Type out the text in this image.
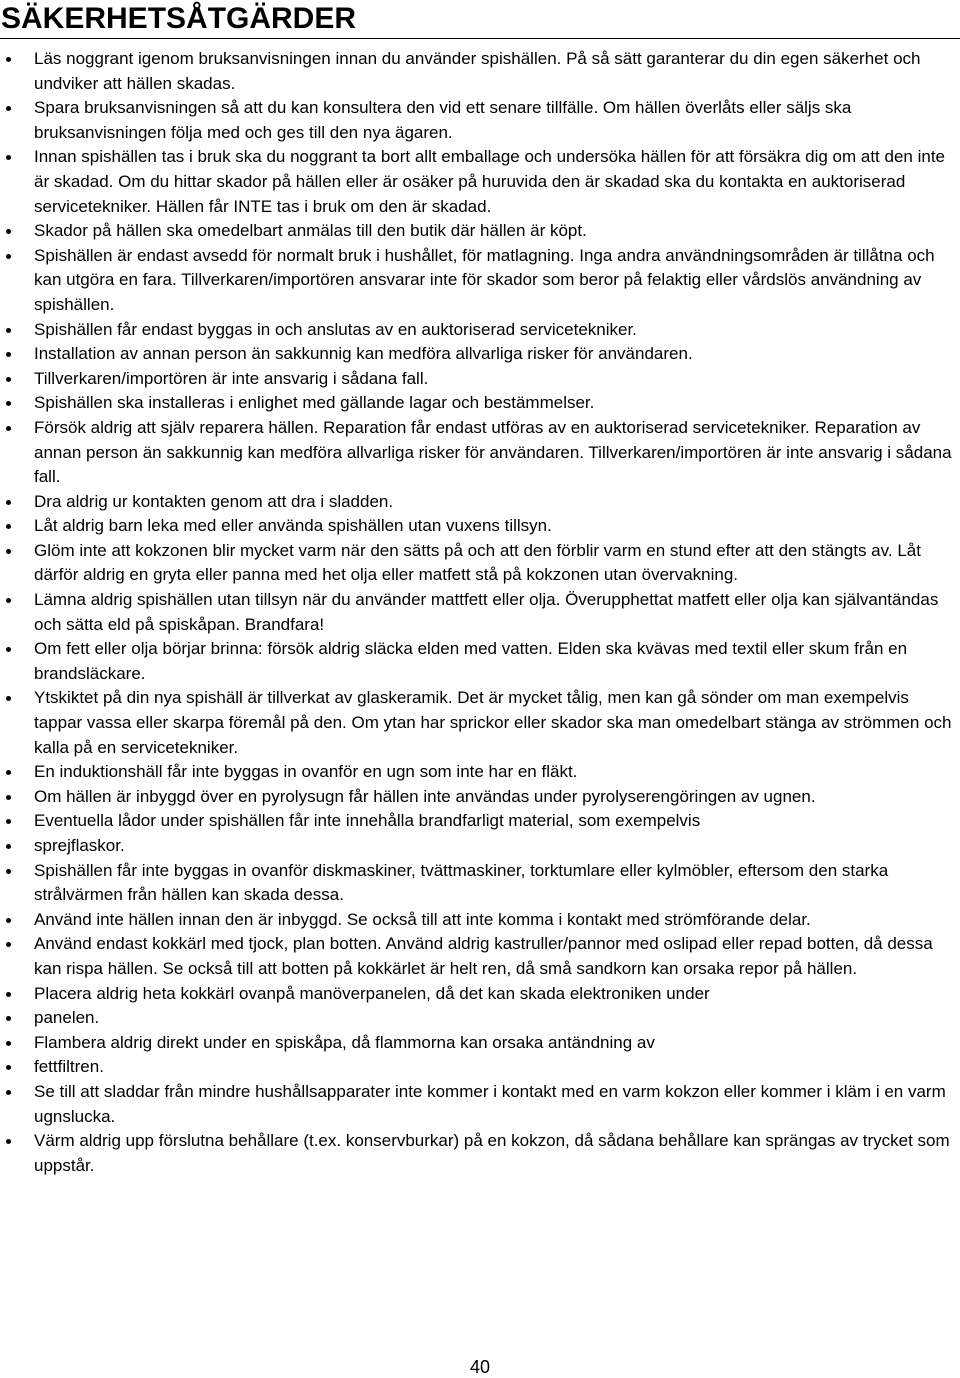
SÄKERHETSÅTGÄRDER

Läs noggrant igenom bruksanvisningen innan du använder spishällen. På så sätt garanterar du din egen säkerhet och undviker att hällen skadas.

Spara bruksanvisningen så att du kan konsultera den vid ett senare tillfälle. Om hällen överlåts eller säljs ska bruksanvisningen följa med och ges till den nya ägaren.

Innan spishällen tas i bruk ska du noggrant ta bort allt emballage och undersöka hällen för att försäkra dig om att den inte är skadad. Om du hittar skador på hällen eller är osäker på huruvida den är skadad ska du kontakta en auktoriserad servicetekniker. Hällen får INTE tas i bruk om den är skadad.

Skador på hällen ska omedelbart anmälas till den butik där hällen är köpt.

Spishällen är endast avsedd för normalt bruk i hushållet, för matlagning. Inga andra användningsområden är tillåtna och kan utgöra en fara. Tillverkaren/importören ansvarar inte för skador som beror på felaktig eller vårdslös användning av spishällen.

Spishällen får endast byggas in och anslutas av en auktoriserad servicetekniker.

Installation av annan person än sakkunnig kan medföra allvarliga risker för användaren.

Tillverkaren/importören är inte ansvarig i sådana fall.

Spishällen ska installeras i enlighet med gällande lagar och bestämmelser.

Försök aldrig att själv reparera hällen. Reparation får endast utföras av en auktoriserad servicetekniker. Reparation av annan person än sakkunnig kan medföra allvarliga risker för användaren. Tillverkaren/importören är inte ansvarig i sådana fall.

Dra aldrig ur kontakten genom att dra i sladden.

Låt aldrig barn leka med eller använda spishällen utan vuxens tillsyn.

Glöm inte att kokzonen blir mycket varm när den sätts på och att den förblir varm en stund efter att den stängts av. Låt därför aldrig en gryta eller panna med het olja eller matfett stå på kokzonen utan övervakning.

Lämna aldrig spishällen utan tillsyn när du använder mattfett eller olja. Överupphettat matfett eller olja kan självantändas och sätta eld på spiskåpan. Brandfara!

Om fett eller olja börjar brinna: försök aldrig släcka elden med vatten. Elden ska kvävas med textil eller skum från en brandsläckare.

Ytskiktet på din nya spishäll är tillverkat av glaskeramik. Det är mycket tålig, men kan gå sönder om man exempelvis tappar vassa eller skarpa föremål på den. Om ytan har sprickor eller skador ska man omedelbart stänga av strömmen och kalla på en servicetekniker.

En induktionshäll får inte byggas in ovanför en ugn som inte har en fläkt.

Om hällen är inbyggd över en pyrolysugn får hällen inte användas under pyrolyserengöringen av ugnen.

Eventuella lådor under spishällen får inte innehålla brandfarligt material, som exempelvis

sprejflaskor.

Spishällen får inte byggas in ovanför diskmaskiner, tvättmaskiner, torktumlare eller kylmöbler, eftersom den starka strålvärmen från hällen kan skada dessa.

Använd inte hällen innan den är inbyggd. Se också till att inte komma i kontakt med strömförande delar.

Använd endast kokkärl med tjock, plan botten. Använd aldrig kastruller/pannor med oslipad eller repad botten, då dessa kan rispa hällen. Se också till att botten på kokkärlet är helt ren, då små sandkorn kan orsaka repor på hällen.

Placera aldrig heta kokkärl ovanpå manöverpanelen, då det kan skada elektroniken under

panelen.

Flambera aldrig direkt under en spiskåpa, då flammorna kan orsaka antändning av

fettfiltren.

Se till att sladdar från mindre hushållsapparater inte kommer i kontakt med en varm kokzon eller kommer i kläm i en varm ugnslucka.

Värm aldrig upp förslutna behållare (t.ex. konservburkar) på en kokzon, då sådana behållare kan sprängas av trycket som uppstår.

40
